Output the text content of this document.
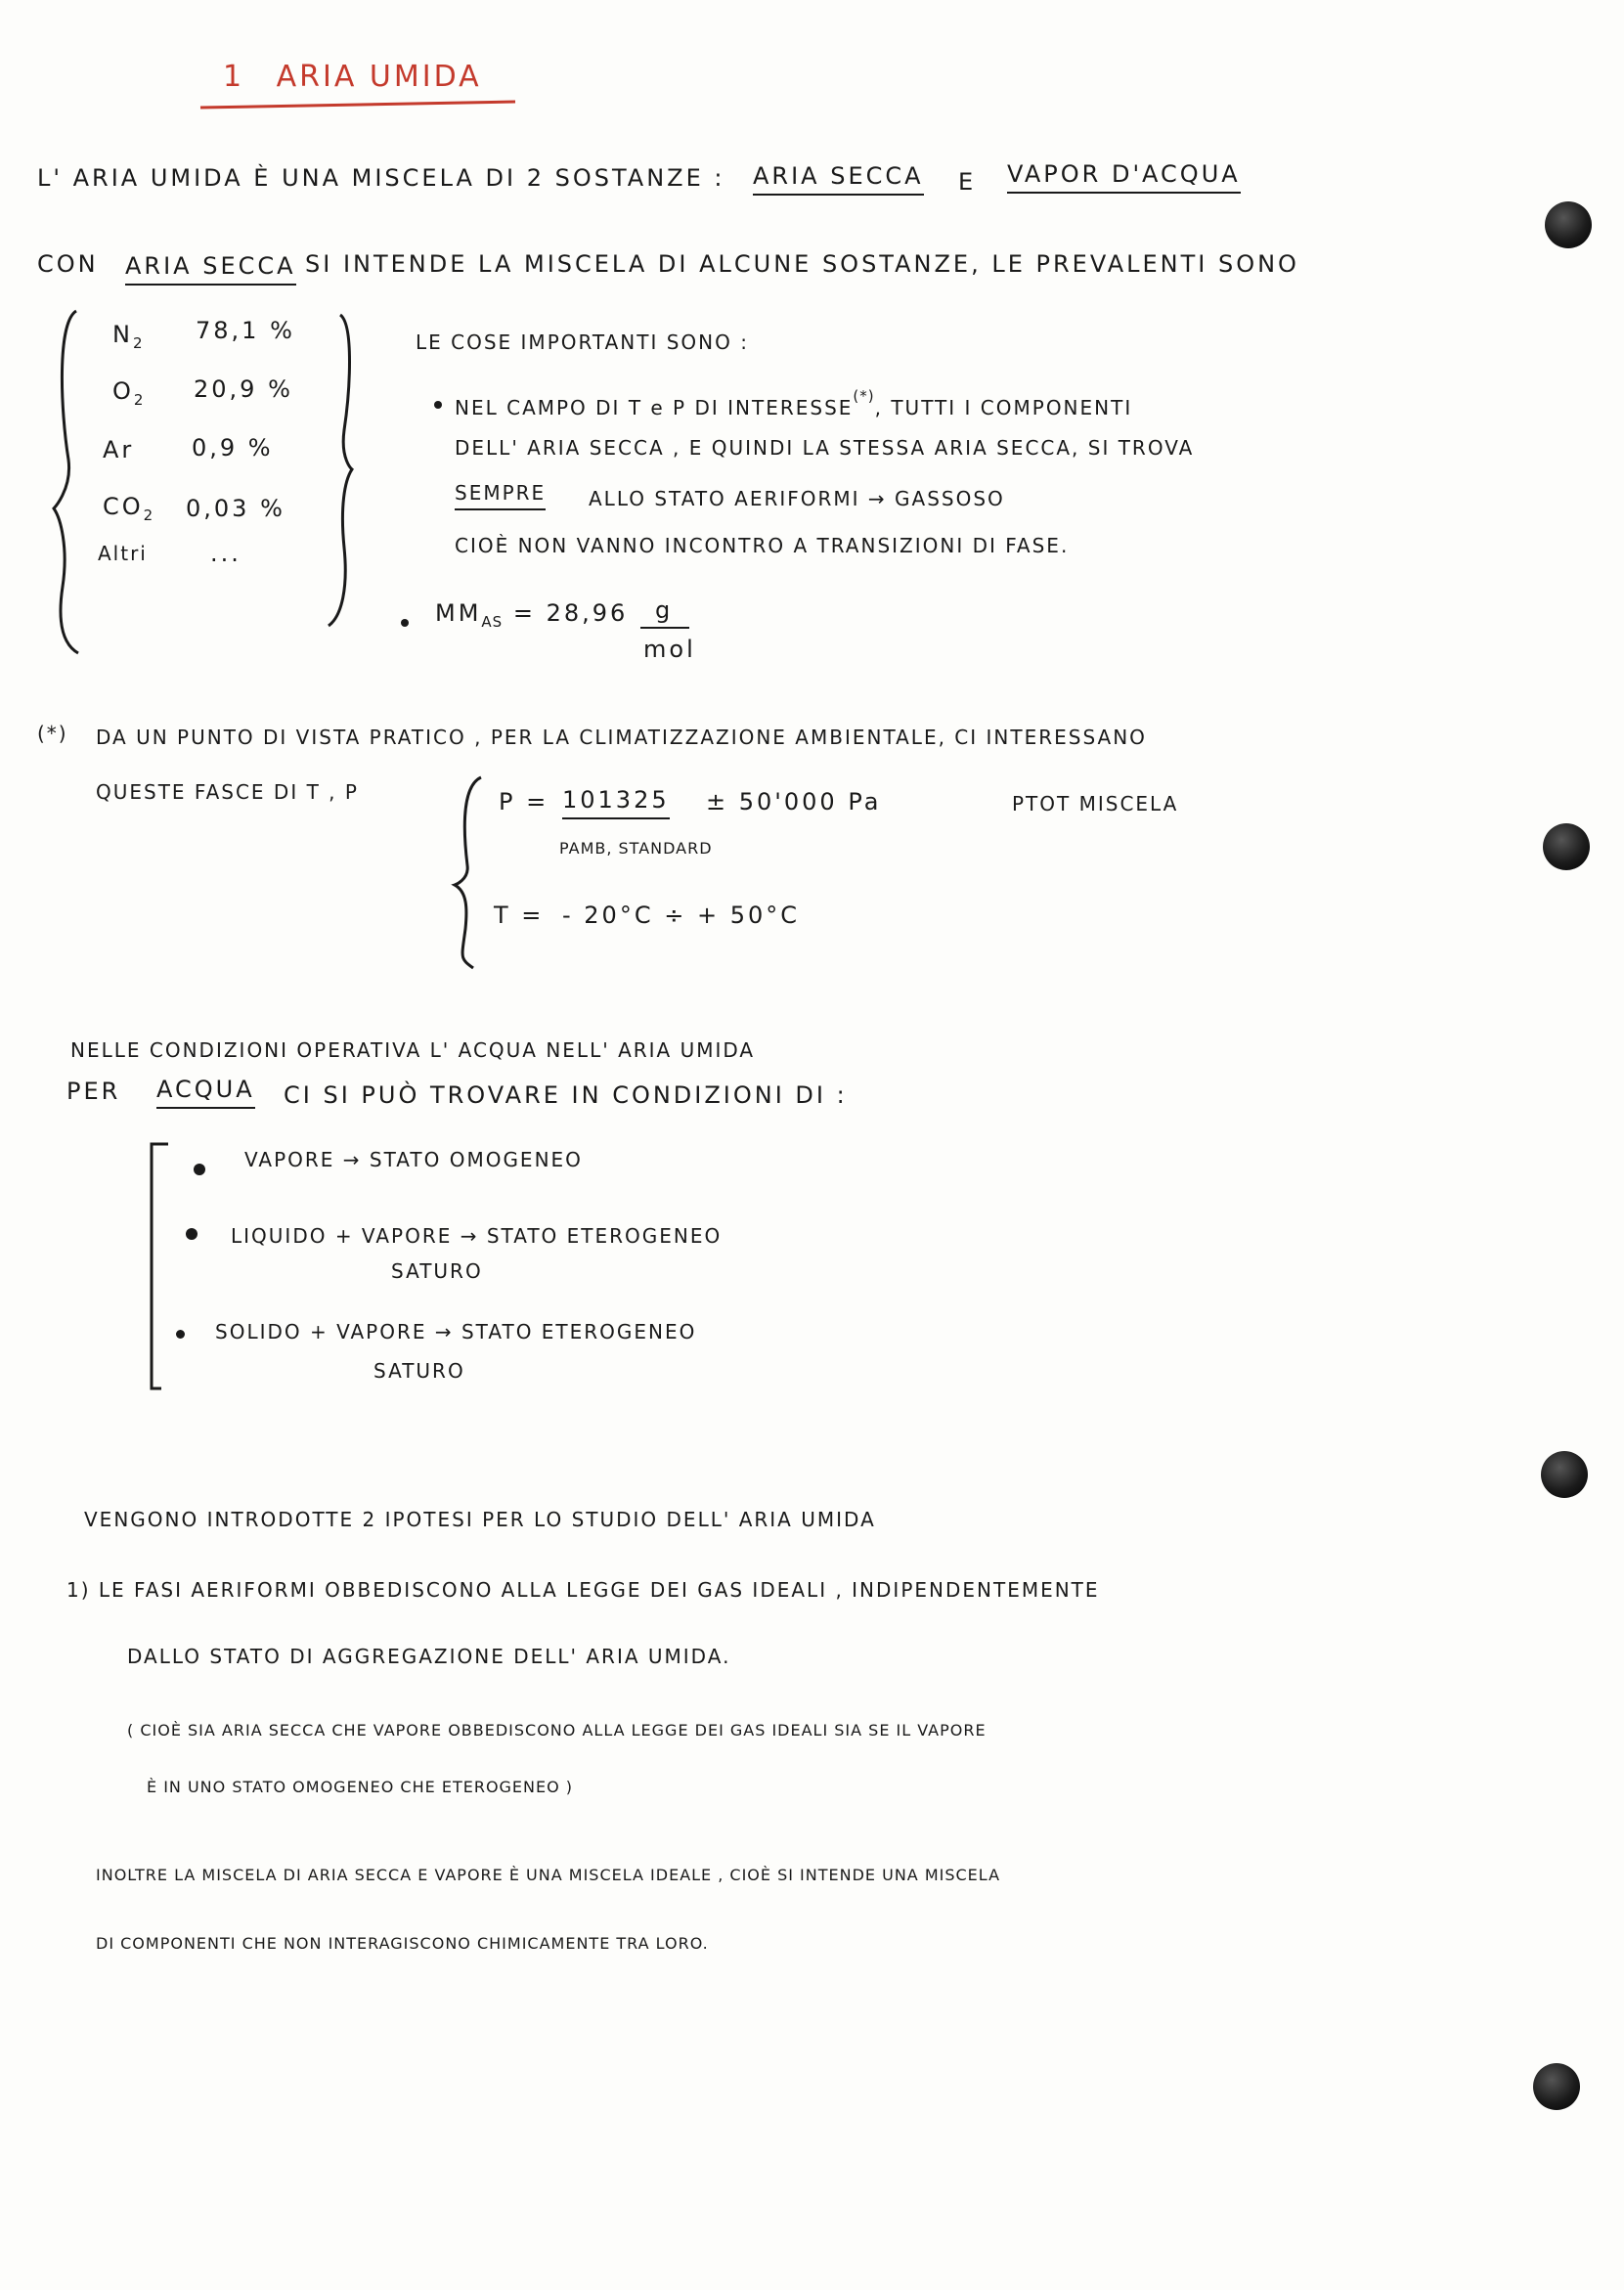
1 ARIA UMIDA
L' ARIA UMIDA È UNA MISCELA DI 2 SOSTANZE : ARIA SECCA E VAPOR D'ACQUA
CON ARIA SECCA SI INTENDE LA MISCELA DI ALCUNE SOSTANZE, LE PREVALENTI SONO
$N_2$ 78,1 %
$O_2$ 20,9 %
Ar 0,9 %
$CO_2$ 0,03 %
Altri	...
LE COSE IMPORTANTI SONO :
NEL CAMPO DI T e P DI INTERESSE(*), TUTTI I COMPONENTI
DELL' ARIA SECCA , E QUINDI LA STESSA ARIA SECCA, SI TROVA
SEMPRE ALLO STATO AERIFORMI → GASSOSO
CIOÈ NON VANNO INCONTRO A TRANSIZIONI DI FASE.
$MM_{AS} = 28,96$ g
mol
(*) DA UN PUNTO DI VISTA PRATICO , PER LA CLIMATIZZAZIONE AMBIENTALE, CI INTERESSANO
QUESTE FASCE DI T , P	P = 101325 ± 50'000 Pa
PAMB, STANDARD
PTOT MISCELA
T = - 20°C ÷ + 50°C
NELLE CONDIZIONI OPERATIVA L' ACQUA NELL' ARIA UMIDA
PER ACQUA CI SI PUÒ TROVARE IN CONDIZIONI DI :
VAPORE → STATO OMOGENEO
LIQUIDO + VAPORE → STATO ETEROGENEO
SATURO
SOLIDO + VAPORE → STATO ETEROGENEO
SATURO
VENGONO INTRODOTTE 2 IPOTESI PER LO STUDIO DELL' ARIA UMIDA
1) LE FASI AERIFORMI OBBEDISCONO ALLA LEGGE DEI GAS IDEALI , INDIPENDENTEMENTE
DALLO STATO DI AGGREGAZIONE DELL' ARIA UMIDA.
( CIOÈ SIA ARIA SECCA CHE VAPORE OBBEDISCONO ALLA LEGGE DEI GAS IDEALI SIA SE IL VAPORE
È IN UNO STATO OMOGENEO CHE ETEROGENEO )
INOLTRE LA MISCELA DI ARIA SECCA E VAPORE È UNA MISCELA IDEALE , CIOÈ SI INTENDE UNA MISCELA
DI COMPONENTI CHE NON INTERAGISCONO CHIMICAMENTE TRA LORO.
